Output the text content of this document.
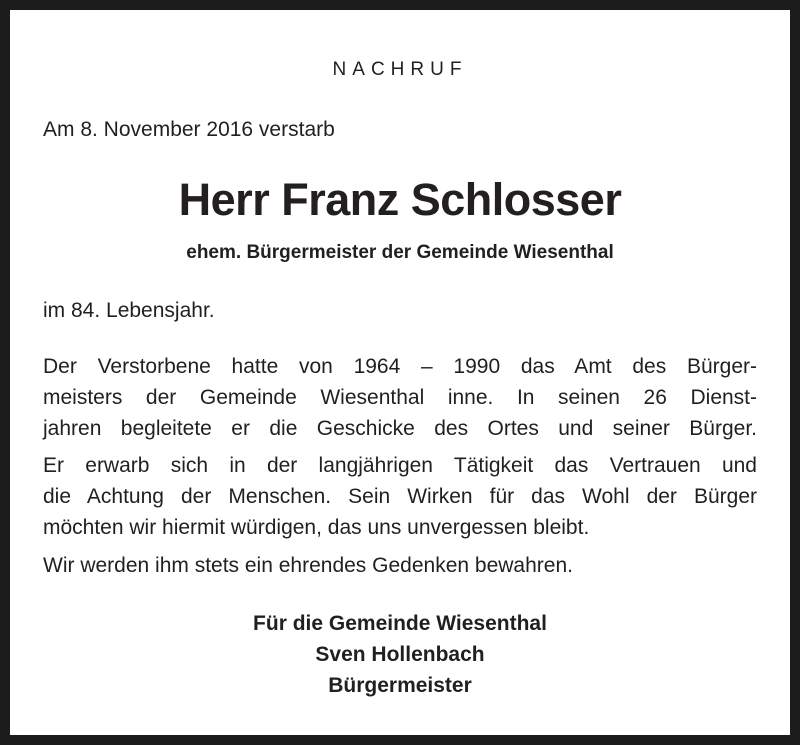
NACHRUF
Am 8. November 2016 verstarb
Herr Franz Schlosser
ehem. Bürgermeister der Gemeinde Wiesenthal
im 84. Lebensjahr.
Der Verstorbene hatte von 1964 – 1990 das Amt des Bürger-
meisters der Gemeinde Wiesenthal inne. In seinen 26 Dienst-
jahren begleitete er die Geschicke des Ortes und seiner Bürger.
Er erwarb sich in der langjährigen Tätigkeit das Vertrauen und
die Achtung der Menschen. Sein Wirken für das Wohl der Bürger
möchten wir hiermit würdigen, das uns unvergessen bleibt.
Wir werden ihm stets ein ehrendes Gedenken bewahren.
Für die Gemeinde Wiesenthal
Sven Hollenbach
Bürgermeister
